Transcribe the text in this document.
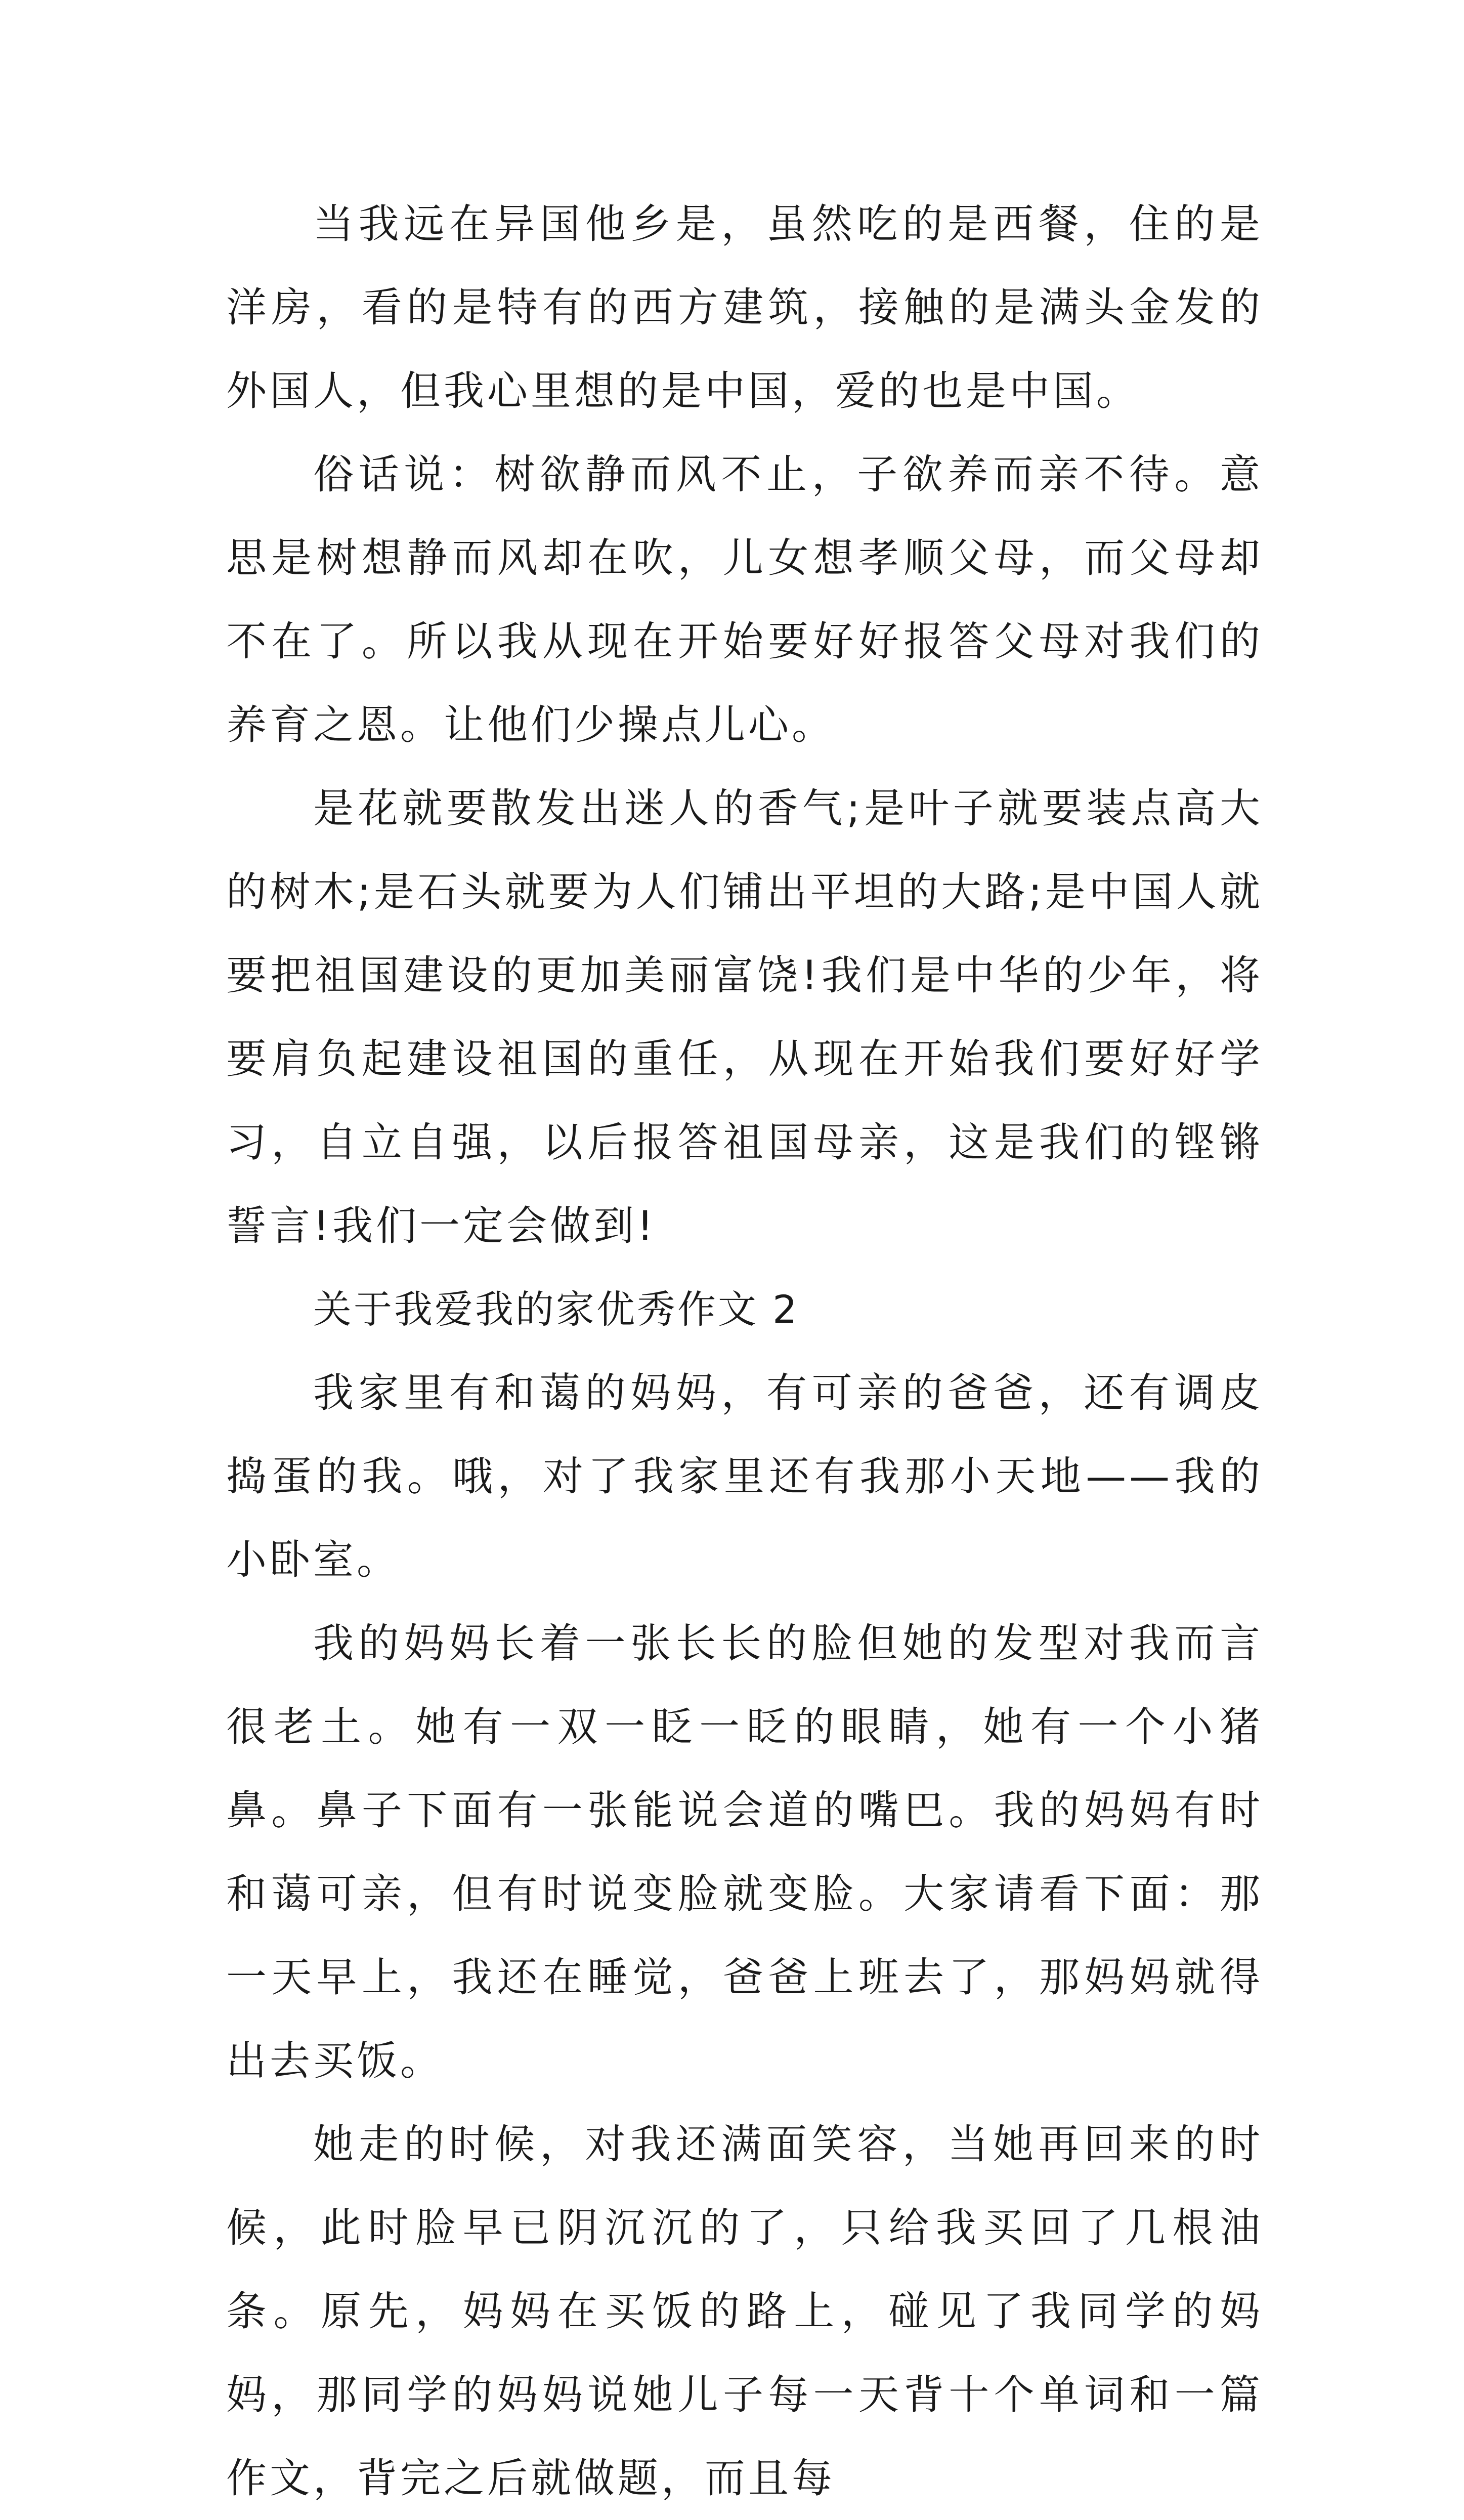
当我远在异国他乡是，虽然吃的是西餐，住的是洋房，看的是特有的西方建筑，接触的是满头金发的外国人，但我心里想的是中国，爱的也是中国。

俗话说：树欲静而风不止，子欲养而亲不待。意思是树想静而风却在吹，儿女想孝顺父母，而父母却不在了。所以我从现在开始要好好报答父母对我们的养育之恩。让他们少操点儿心。

是花就要散发出迷人的香气;是叶子就要装点高大的树木;是石头就要为人们铺出平坦的大路;是中国人就要把祖国建设的更加美丽富饶!我们是中华的少年，将要肩负起建设祖国的重任，从现在开始我们要好好学习，自立自强，以后报答祖国母亲，这是我们的铿锵誓言!我们一定会做到!

关于我爱我的家优秀作文 2

我家里有和蔼的妈妈，有可亲的爸爸，还有调皮捣蛋的我。哦，对了我家里还有我那小天地——我的小卧室。

我的妈妈长着一张长长的脸但她的发型对我而言很老土。她有一双一眨一眨的眼睛，她有一个小猪鼻。鼻子下面有一张能说会道的嘴巴。我的妈妈有时和蔼可亲，但有时说变脸就变脸。大家请看下面：那一天早上，我还在睡觉，爸爸上班去了，那妈妈就得出去买饭。

她走的时候，对我还满面笑容，当她再回来的时候，此时脸早已阴沉沉的了，只给我买回了几根油条。原先，妈妈在买饭的路上，碰见了我同学的妈妈，那同学的妈妈说她儿子每一天背十个单词和一篇作文，背完之后就做题，而且每
